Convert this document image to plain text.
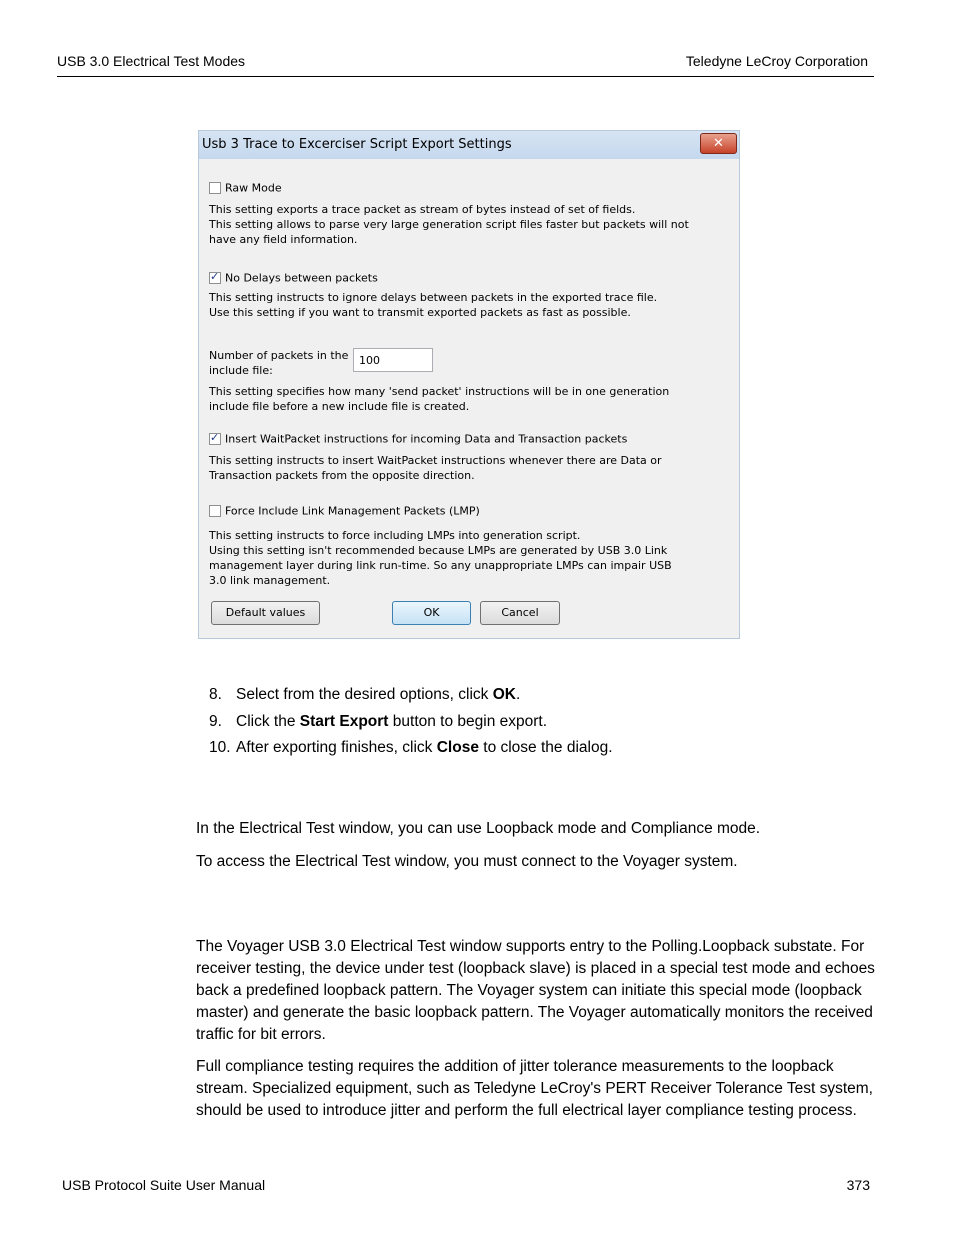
USB 3.0 Electrical Test Modes	Teledyne LeCroy Corporation
Usb 3 Trace to Excerciser Script Export Settings	✕
Raw Mode
This setting exports a trace packet as stream of bytes instead of set of fields.
This setting allows to parse very large generation script files faster but packets will not
have any field information.
✓No Delays between packets
This setting instructs to ignore delays between packets in the exported trace file.
Use this setting if you want to transmit exported packets as fast as possible.
Number of packets in the
include file:
100
This setting specifies how many 'send packet' instructions will be in one generation
include file before a new include file is created.
✓Insert WaitPacket instructions for incoming Data and Transaction packets
This setting instructs to insert WaitPacket instructions whenever there are Data or
Transaction packets from the opposite direction.
Force Include Link Management Packets (LMP)
This setting instructs to force including LMPs into generation script.
Using this setting isn't recommended because LMPs are generated by USB 3.0 Link
management layer during link run-time. So any unappropriate LMPs can impair USB
3.0 link management.
Default values	OK	Cancel
8. Select from the desired options, click OK.
9. Click the Start Export button to begin export.
10. After exporting finishes, click Close to close the dialog.
In the Electrical Test window, you can use Loopback mode and Compliance mode.
To access the Electrical Test window, you must connect to the Voyager system.
The Voyager USB 3.0 Electrical Test window supports entry to the Polling.Loopback substate. For receiver testing, the device under test (loopback slave) is placed in a special test mode and echoes back a predefined loopback pattern. The Voyager system can initiate this special mode (loopback master) and generate the basic loopback pattern. The Voyager automatically monitors the received traffic for bit errors.
Full compliance testing requires the addition of jitter tolerance measurements to the loopback stream. Specialized equipment, such as Teledyne LeCroy's PERT Receiver Tolerance Test system, should be used to introduce jitter and perform the full electrical layer compliance testing process.
USB Protocol Suite User Manual	373
